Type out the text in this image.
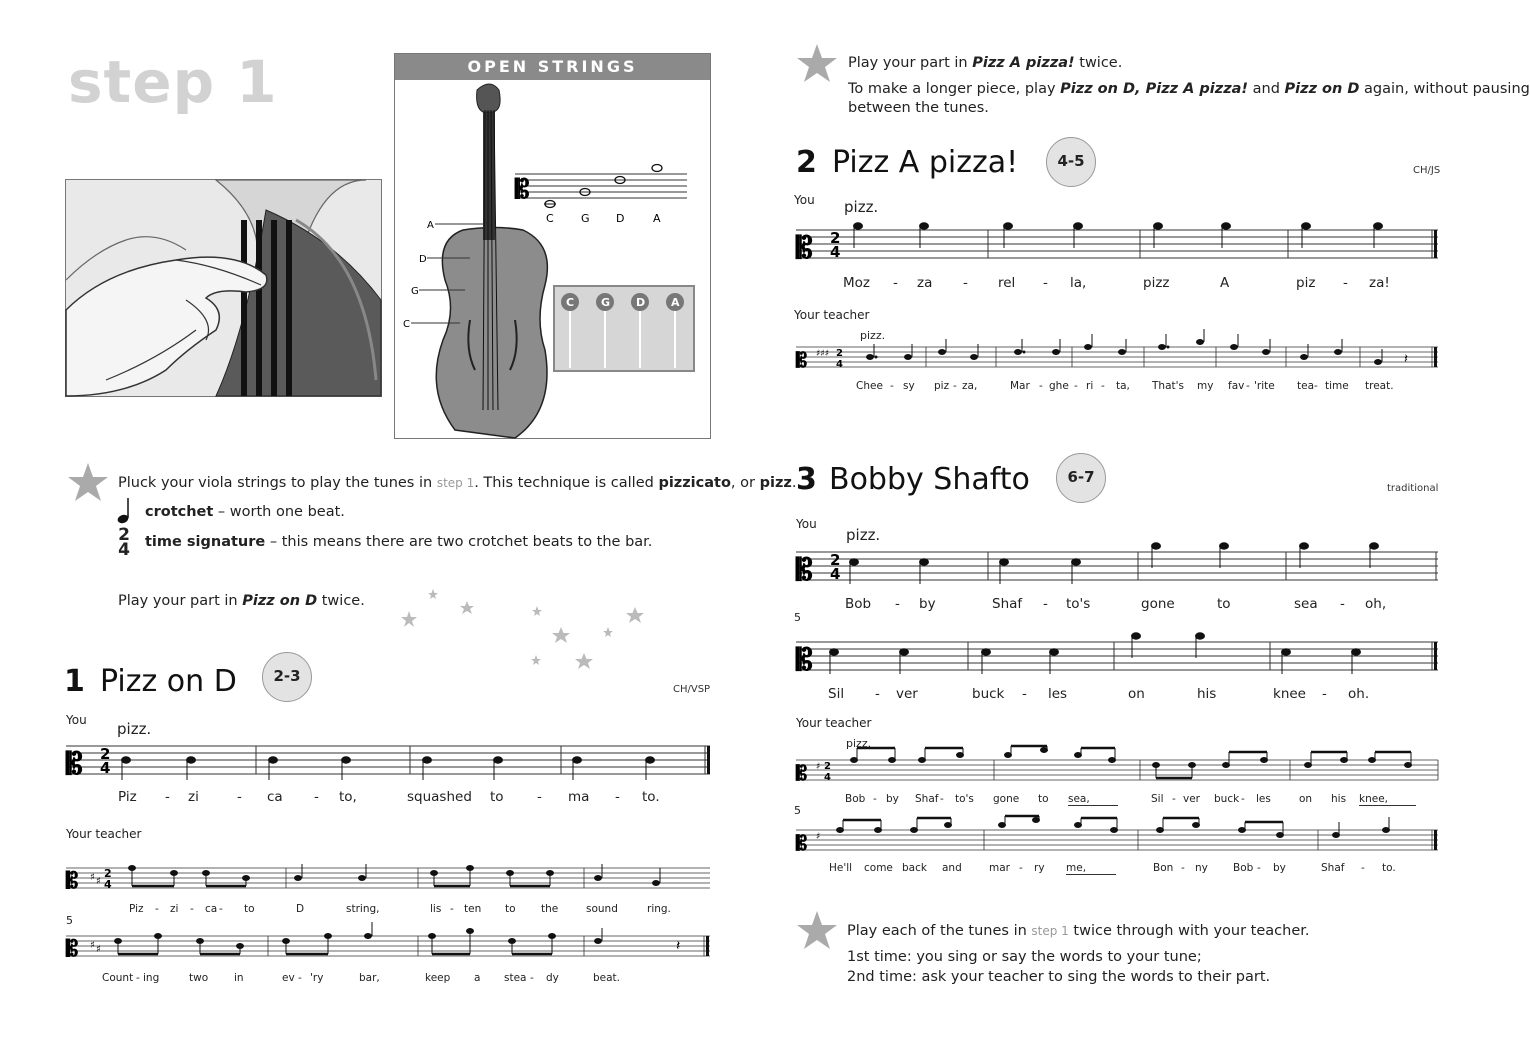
step 1	OPEN STRINGS
A
D
G
C
𝄡
C G D	A
C G D A
Pluck your viola strings to play the tunes in step 1. This technique is called pizzicato, or pizz.
crotchet – worth one beat.
2
4 time signature – this means there are two crotchet beats to the bar.
Play your part in Pizz on D twice.
1 Pizz on D	2-3
CH/VSP
You pizz.
𝄡 2
4
Piz - zi	- ca - to,	squashed to - ma - to.
Your teacher
𝄡 ♯ ♯
2
4
Piz - zi - ca - to	D	string,	lis - ten to the	sound	ring.
5
𝄡 ♯ ♯	𝄽
Count - ing	two in	ev - 'ry	bar,	keep a stea - dy	beat.
Play your part in Pizz A pizza! twice.
To make a longer piece, play Pizz on D, Pizz A pizza! and Pizz on D again, without pausing
between the tunes.
2 Pizz A pizza!	4-5
CH/JS
You pizz.
𝄡 2
4
Moz - za - rel - la,	pizz	A	piz - za!
Your teacher
pizz.
𝄡 ♯♯♯ 2
4	𝄽
Chee - sy piz - za,	Mar - ghe - ri - ta, That's my fav - 'rite tea - time treat.
3 Bobby Shafto	6-7
traditional
You
pizz.
𝄡 2
4
Bob - by	Shaf - to's	gone	to	sea - oh,
5
𝄡
Sil - ver	buck - les	on	his	knee - oh.
Your teacher
pizz.
𝄡 ♯ 2
4
Bob - by Shaf - to's gone to sea,	Sil - ver buck - les	on his knee,
5
𝄡 ♯
He'll come back and	mar - ry me,	Bon - ny Bob - by	Shaf - to.
Play each of the tunes in step 1 twice through with your teacher.
1st time: you sing or say the words to your tune;
2nd time: ask your teacher to sing the words to their part.
